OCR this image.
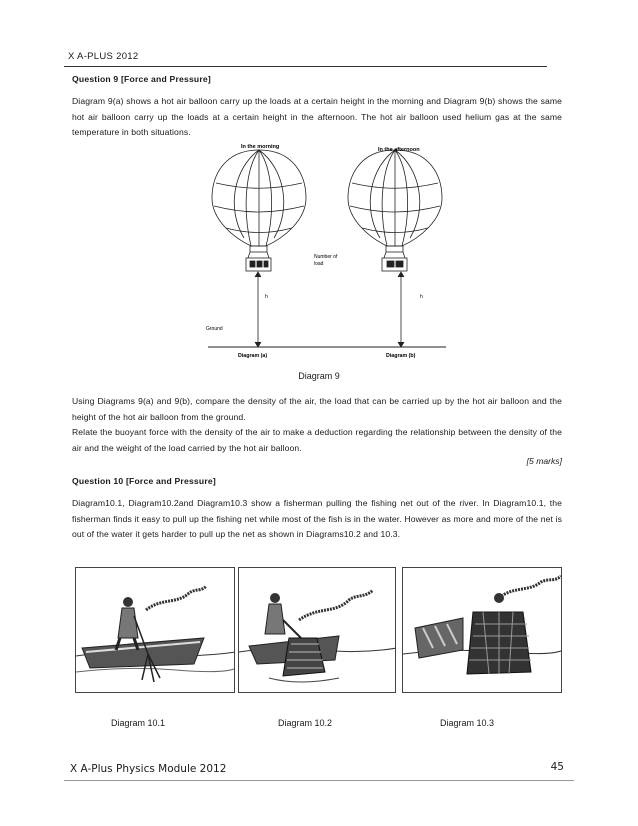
X A-PLUS 2012
Question 9 [Force and Pressure]
Diagram 9(a) shows a hot air balloon carry up the loads at a certain height in the morning and Diagram 9(b) shows the same hot air balloon carry up the loads at a certain height in the afternoon. The hot air balloon used helium gas at the same temperature in both situations.
In the morning	In the afternoon
Number of
load
h	h
Ground
Diagram (a)	Diagram (b)
Diagram 9
Using Diagrams 9(a) and 9(b), compare the density of the air, the load that can be carried up by the hot air balloon and the height of the hot air balloon from the ground.
Relate the buoyant force with the density of the air to make a deduction regarding the relationship between the density of the air and the weight of the load carried by the hot air balloon.
[5 marks]
Question 10 [Force and Pressure]
Diagram10.1, Diagram10.2and Diagram10.3 show a fisherman pulling the fishing net out of the river. In Diagram10.1, the fisherman finds it easy to pull up the fishing net while most of the fish is in the water. However as more and more of the net is out of the water it gets harder to pull up the net as shown in Diagrams10.2 and 10.3.
Diagram 10.1	Diagram 10.2	Diagram 10.3
X A-Plus Physics Module 2012	45
